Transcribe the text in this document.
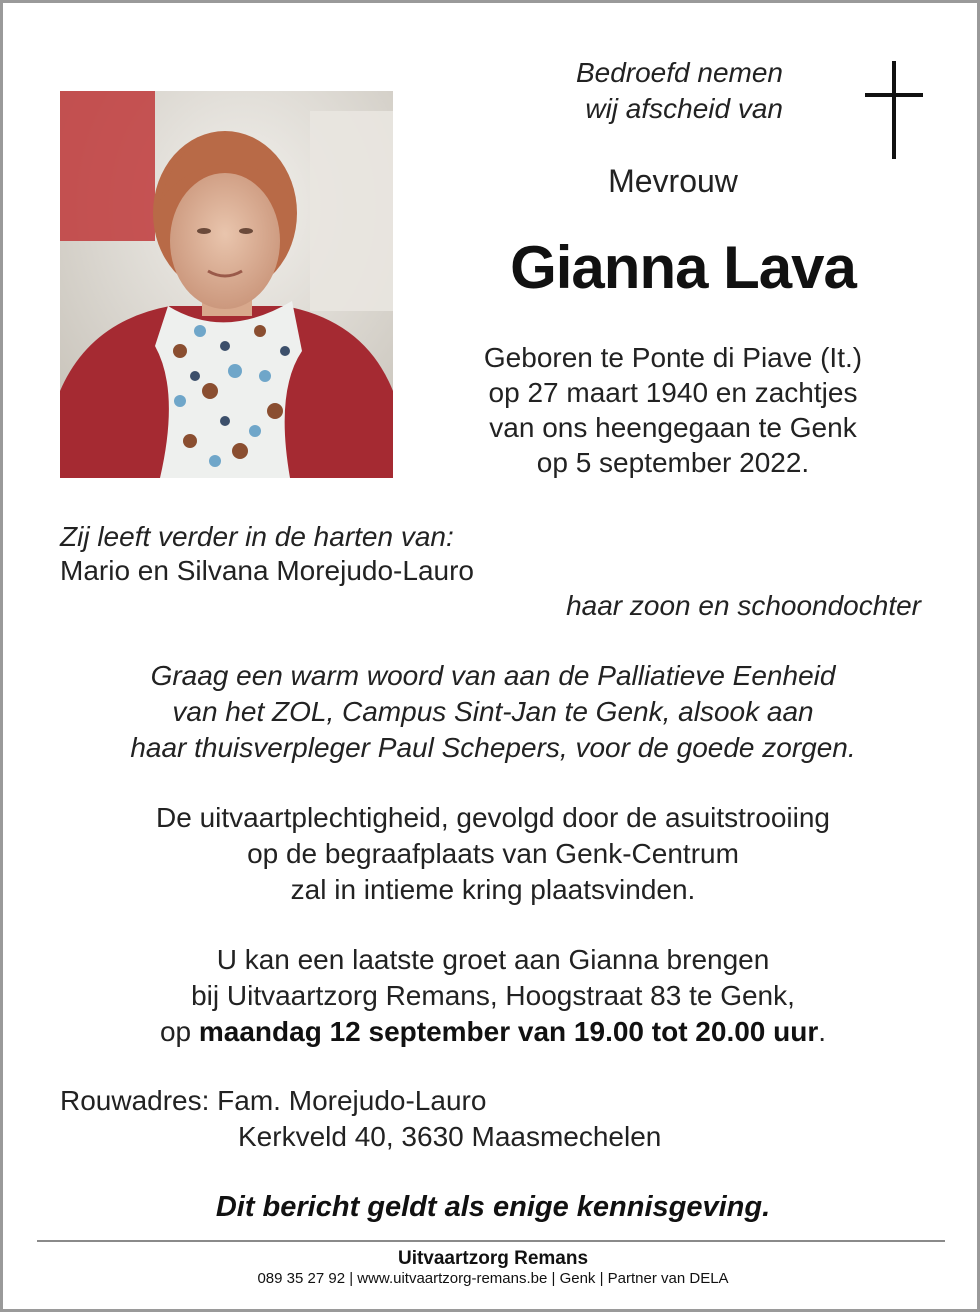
Bedroefd nemen
wij afscheid van
Mevrouw
Gianna Lava
Geboren te Ponte di Piave (It.)
op 27 maart 1940 en zachtjes
van ons heengegaan te Genk
op 5 september 2022.
Zij leeft verder in de harten van:
Mario en Silvana Morejudo-Lauro
haar zoon en schoondochter
Graag een warm woord van aan de Palliatieve Eenheid
van het ZOL, Campus Sint-Jan te Genk, alsook aan
haar thuisverpleger Paul Schepers, voor de goede zorgen.
De uitvaartplechtigheid, gevolgd door de asuitstrooiing
op de begraafplaats van Genk-Centrum
zal in intieme kring plaatsvinden.
U kan een laatste groet aan Gianna brengen
bij Uitvaartzorg Remans, Hoogstraat 83 te Genk,
op maandag 12 september van 19.00 tot 20.00 uur.
Rouwadres: Fam. Morejudo-Lauro
Kerkveld 40, 3630 Maasmechelen
Dit bericht geldt als enige kennisgeving.
Uitvaartzorg Remans
089 35 27 92 | www.uitvaartzorg-remans.be | Genk | Partner van DELA
